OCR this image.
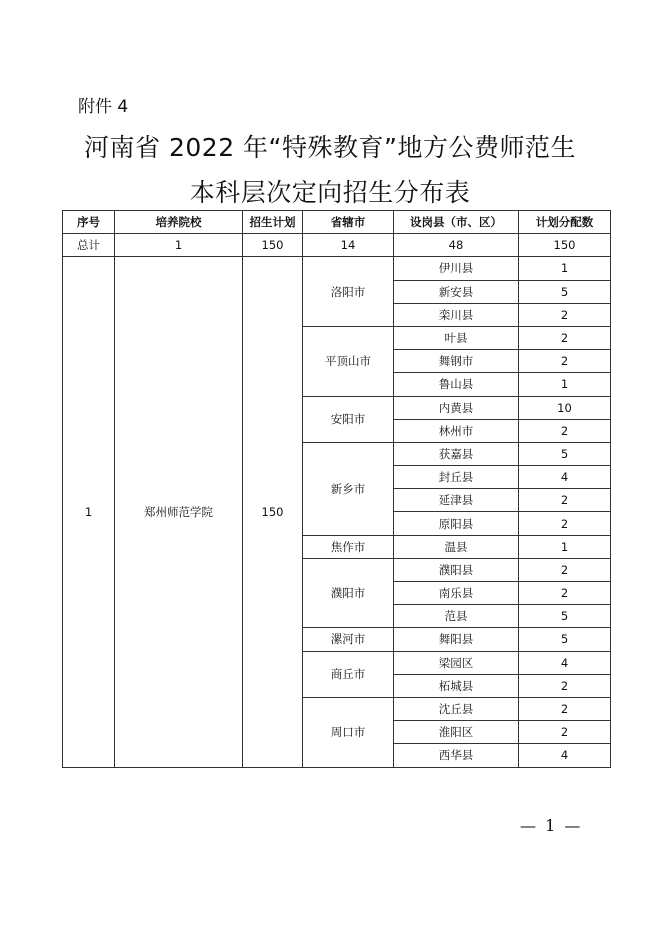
附件 4
河南省 2022 年“特殊教育”地方公费师范生
本科层次定向招生分布表
序号	培养院校	招生计划	省辖市	设岗县（市、区）	计划分配数
总计	1	150	14	48	150
1	郑州师范学院	150	洛阳市	伊川县	1
				新安县	5
				栾川县	2
			平顶山市	叶县	2
				舞钢市	2
				鲁山县	1
			安阳市	内黄县	10
				林州市	2
			新乡市	获嘉县	5
				封丘县	4
				延津县	2
				原阳县	2
			焦作市	温县	1
			濮阳市	濮阳县	2
				南乐县	2
				范县	5
			漯河市	舞阳县	5
			商丘市	梁园区	4
				柘城县	2
			周口市	沈丘县	2
				淮阳区	2
				西华县	4
— 1 —
